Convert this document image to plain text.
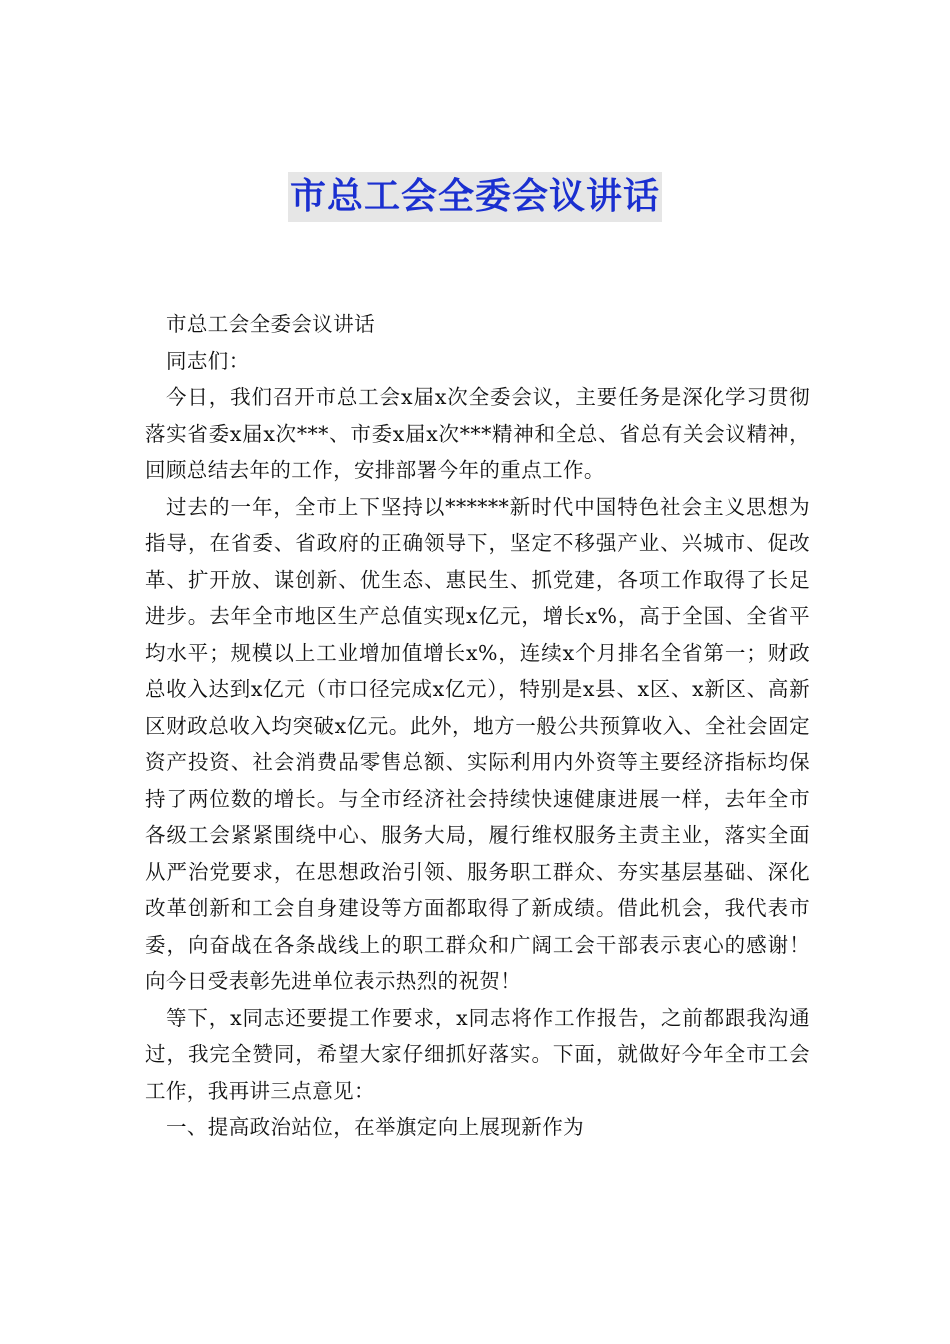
市总工会全委会议讲话

市总工会全委会议讲话

同志们：

今日，我们召开市总工会x届x次全委会议，主要任务是深化学习贯彻落实省委x届x次***、市委x届x次***精神和全总、省总有关会议精神，回顾总结去年的工作，安排部署今年的重点工作。

过去的一年，全市上下坚持以******新时代中国特色社会主义思想为指导，在省委、省政府的正确领导下，坚定不移强产业、兴城市、促改革、扩开放、谋创新、优生态、惠民生、抓党建，各项工作取得了长足进步。去年全市地区生产总值实现x亿元，增长x%，高于全国、全省平均水平；规模以上工业增加值增长x%，连续x个月排名全省第一；财政总收入达到x亿元（市口径完成x亿元），特别是x县、x区、x新区、高新区财政总收入均突破x亿元。此外，地方一般公共预算收入、全社会固定资产投资、社会消费品零售总额、实际利用内外资等主要经济指标均保持了两位数的增长。与全市经济社会持续快速健康进展一样，去年全市各级工会紧紧围绕中心、服务大局，履行维权服务主责主业，落实全面从严治党要求，在思想政治引领、服务职工群众、夯实基层基础、深化改革创新和工会自身建设等方面都取得了新成绩。借此机会，我代表市委，向奋战在各条战线上的职工群众和广阔工会干部表示衷心的感谢！向今日受表彰先进单位表示热烈的祝贺！

等下，x同志还要提工作要求，x同志将作工作报告，之前都跟我沟通过，我完全赞同，希望大家仔细抓好落实。下面，就做好今年全市工会工作，我再讲三点意见：

一、提高政治站位，在举旗定向上展现新作为
